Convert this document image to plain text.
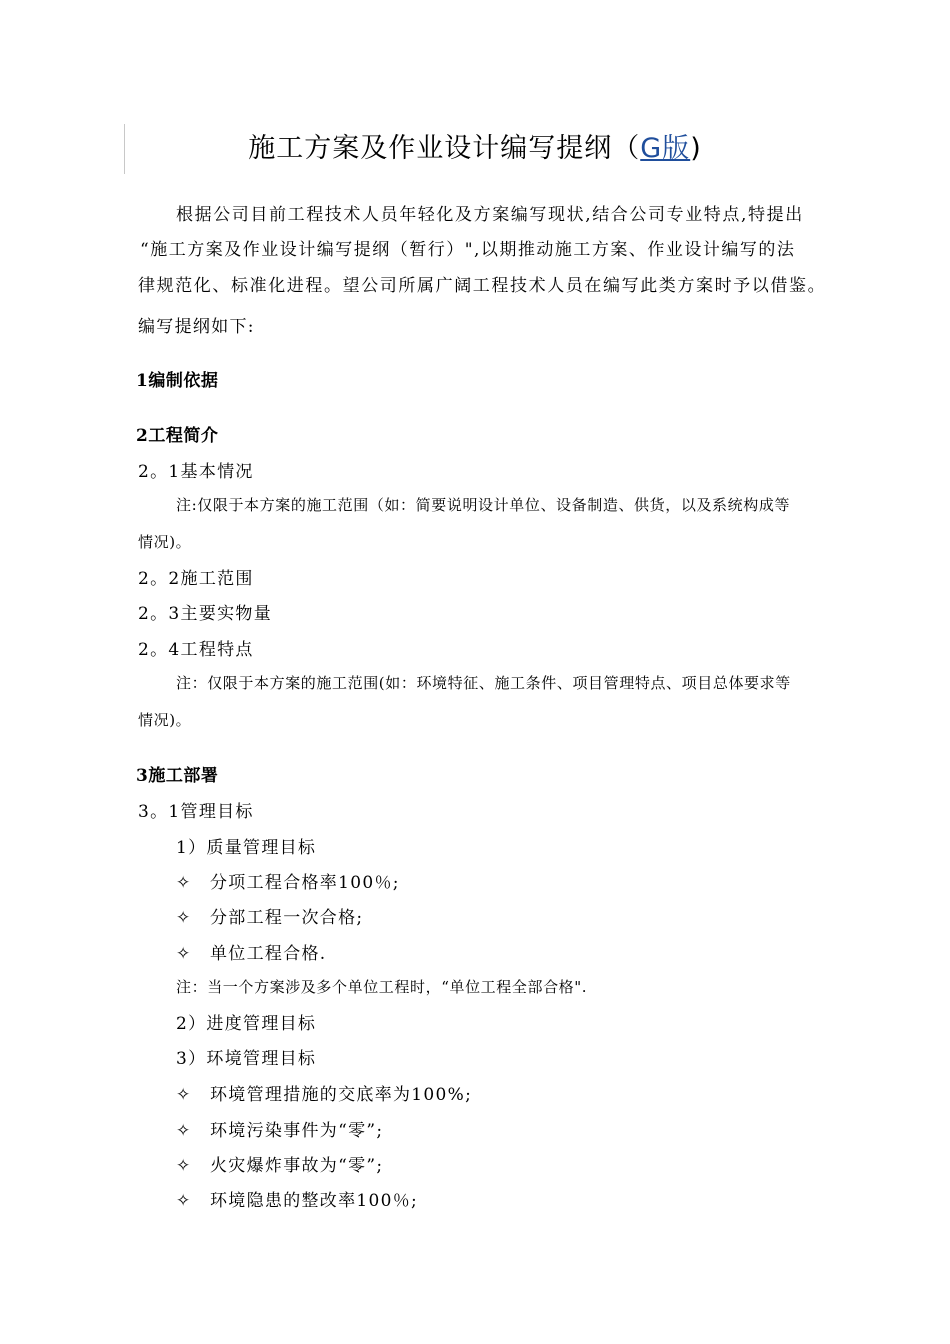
施工方案及作业设计编写提纲（G版)
根据公司目前工程技术人员年轻化及方案编写现状,结合公司专业特点,特提出
“施工方案及作业设计编写提纲（暂行）",以期推动施工方案、作业设计编写的法
律规范化、标准化进程。望公司所属广阔工程技术人员在编写此类方案时予以借鉴。
编写提纲如下:
1编制依据
2工程简介
2。1基本情况
注:仅限于本方案的施工范围（如：简要说明设计单位、设备制造、供货，以及系统构成等
情况)。
2。2施工范围
2。3主要实物量
2。4工程特点
注：仅限于本方案的施工范围(如：环境特征、施工条件、项目管理特点、项目总体要求等
情况)。
3施工部署
3。1管理目标
1）质量管理目标
✧ 分项工程合格率100％;
✧ 分部工程一次合格;
✧ 单位工程合格.
注：当一个方案涉及多个单位工程时，“单位工程全部合格".
2）进度管理目标
3）环境管理目标
✧ 环境管理措施的交底率为100%;
✧ 环境污染事件为“零”;
✧ 火灾爆炸事故为“零”;
✧ 环境隐患的整改率100％;
